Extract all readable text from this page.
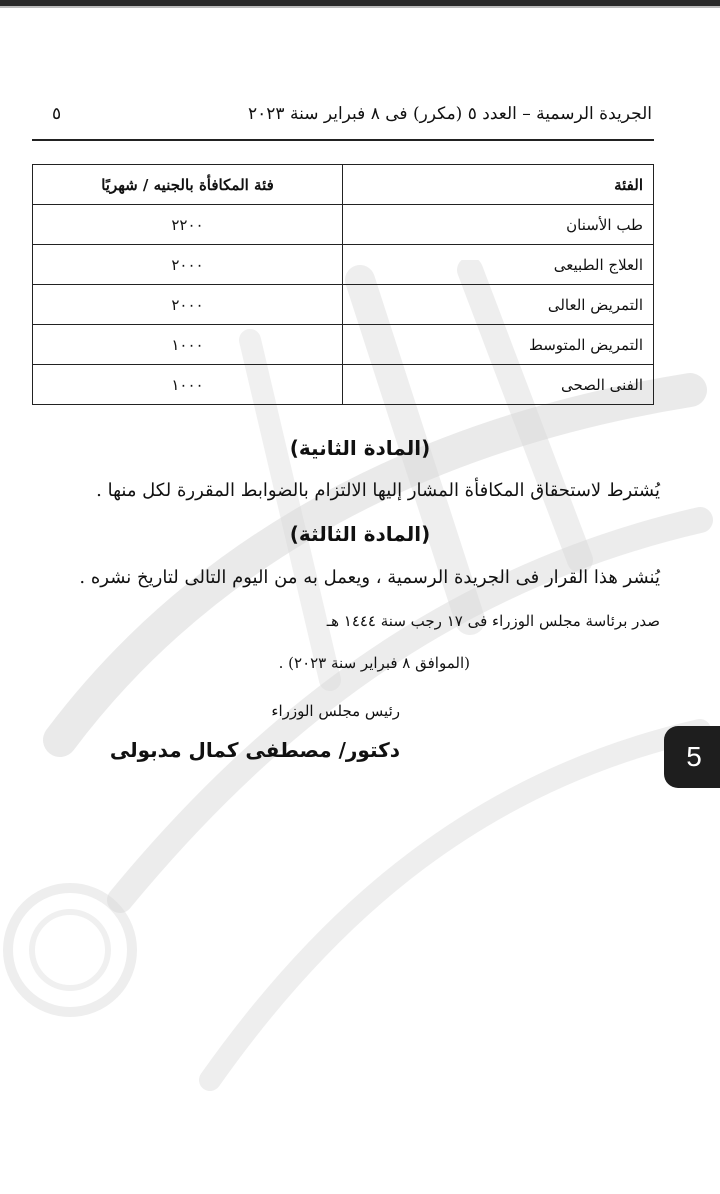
الجريدة الرسمية – العدد ٥ (مكرر) فى ٨ فبراير سنة ٢٠٢٣
٥
الفئة	فئة المكافأة بالجنيه / شهريًا
طب الأسنان	٢٢٠٠
العلاج الطبيعى	٢٠٠٠
التمريض العالى	٢٠٠٠
التمريض المتوسط	١٠٠٠
الفنى الصحى	١٠٠٠
(المادة الثانية)
يُشترط لاستحقاق المكافأة المشار إليها الالتزام بالضوابط المقررة لكل منها .
(المادة الثالثة)
يُنشر هذا القرار فى الجريدة الرسمية ، ويعمل به من اليوم التالى لتاريخ نشره .
صدر برئاسة مجلس الوزراء فى ١٧ رجب سنة ١٤٤٤ هـ
(الموافق ٨ فبراير سنة ٢٠٢٣) .
رئيس مجلس الوزراء
دكتور/ مصطفى كمال مدبولى	5
